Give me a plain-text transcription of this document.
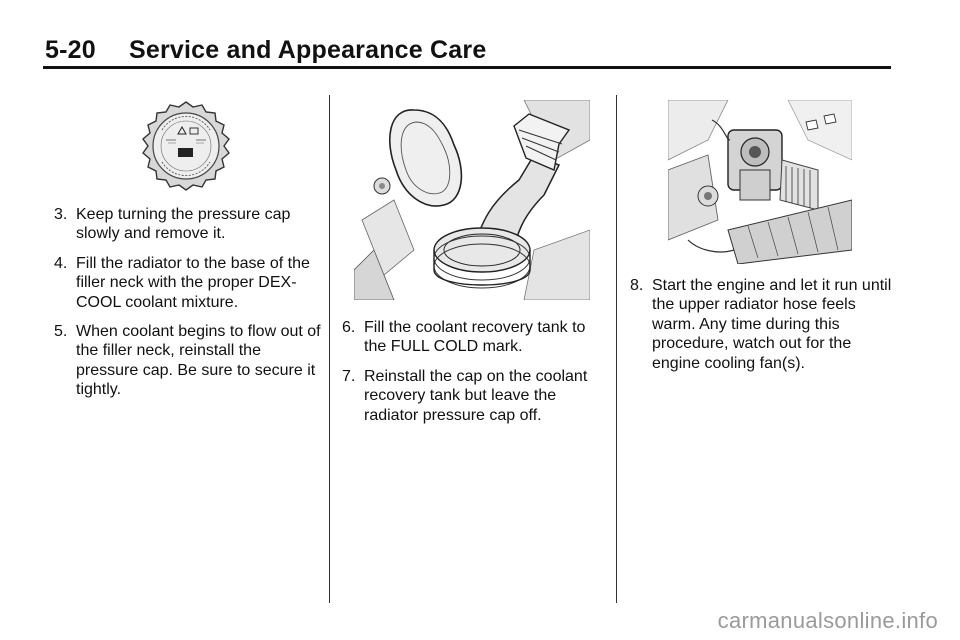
5-20 Service and Appearance Care
3. Keep turning the pressure cap slowly and remove it.
4. Fill the radiator to the base of the filler neck with the proper DEX-COOL coolant mixture.
5. When coolant begins to flow out of the filler neck, reinstall the pressure cap. Be sure to secure it tightly.
6. Fill the coolant recovery tank to the FULL COLD mark.
7. Reinstall the cap on the coolant recovery tank but leave the radiator pressure cap off.
8. Start the engine and let it run until the upper radiator hose feels warm. Any time during this procedure, watch out for the engine cooling fan(s).
carmanualsonline.info
